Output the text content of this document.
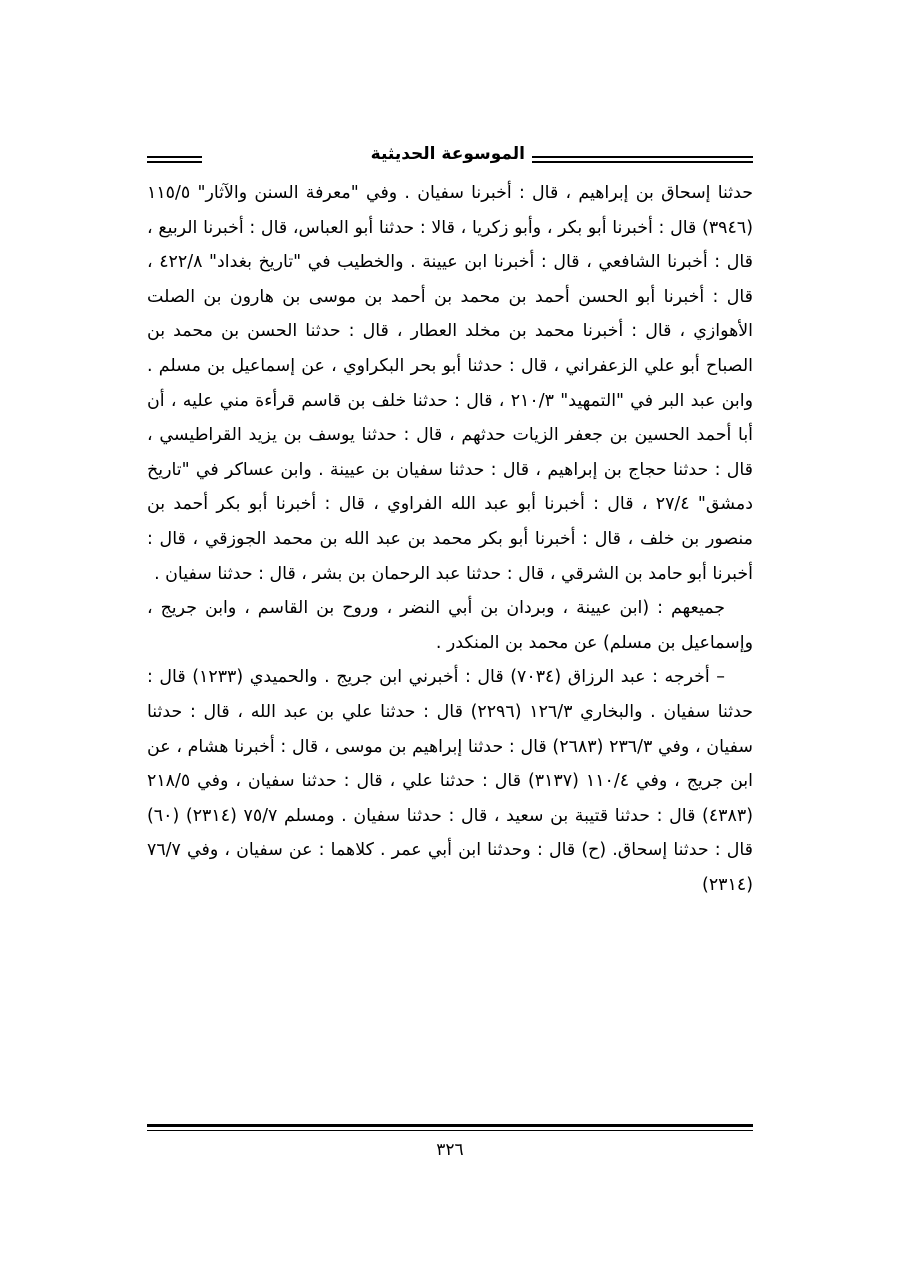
الموسوعة الحديثية

حدثنا إسحاق بن إبراهيم ، قال : أخبرنا سفيان . وفي "معرفة السنن والآثار" ١١٥/٥ (٣٩٤٦) قال : أخبرنا أبو بكر ، وأبو زكريا ، قالا : حدثنا أبو العباس، قال : أخبرنا الربيع ، قال : أخبرنا الشافعي ، قال : أخبرنا ابن عيينة . والخطيب في "تاريخ بغداد" ٤٢٢/٨ ، قال : أخبرنا أبو الحسن أحمد بن محمد بن أحمد بن موسى بن هارون بن الصلت الأهوازي ، قال : أخبرنا محمد بن مخلد العطار ، قال : حدثنا الحسن بن محمد بن الصباح أبو علي الزعفراني ، قال : حدثنا أبو بحر البكراوي ، عن إسماعيل بن مسلم . وابن عبد البر في "التمهيد" ٢١٠/٣ ، قال : حدثنا خلف بن قاسم قرأءة مني عليه ، أن أبا أحمد الحسين بن جعفر الزيات حدثهم ، قال : حدثنا يوسف بن يزيد القراطيسي ، قال : حدثنا حجاج بن إبراهيم ، قال : حدثنا سفيان بن عيينة . وابن عساكر في "تاريخ دمشق" ٢٧/٤ ، قال : أخبرنا أبو عبد الله الفراوي ، قال : أخبرنا أبو بكر أحمد بن منصور بن خلف ، قال : أخبرنا أبو بكر محمد بن عبد الله بن محمد الجوزقي ، قال : أخبرنا أبو حامد بن الشرقي ، قال : حدثنا عبد الرحمان بن بشر ، قال : حدثنا سفيان .

جميعهم : (ابن عيينة ، وبردان بن أبي النضر ، وروح بن القاسم ، وابن جريج ، وإسماعيل بن مسلم) عن محمد بن المنكدر .

– أخرجه : عبد الرزاق (٧٠٣٤) قال : أخبرني ابن جريج . والحميدي (١٢٣٣) قال : حدثنا سفيان . والبخاري ١٢٦/٣ (٢٢٩٦) قال : حدثنا علي بن عبد الله ، قال : حدثنا سفيان ، وفي ٢٣٦/٣ (٢٦٨٣) قال : حدثنا إبراهيم بن موسى ، قال : أخبرنا هشام ، عن ابن جريج ، وفي ١١٠/٤ (٣١٣٧) قال : حدثنا علي ، قال : حدثنا سفيان ، وفي ٢١٨/٥ (٤٣٨٣) قال : حدثنا قتيبة بن سعيد ، قال : حدثنا سفيان . ومسلم ٧٥/٧ (٢٣١٤) (٦٠) قال : حدثنا إسحاق. (ح) قال : وحدثنا ابن أبي عمر . كلاهما : عن سفيان ، وفي ٧٦/٧ (٢٣١٤)

٣٢٦
